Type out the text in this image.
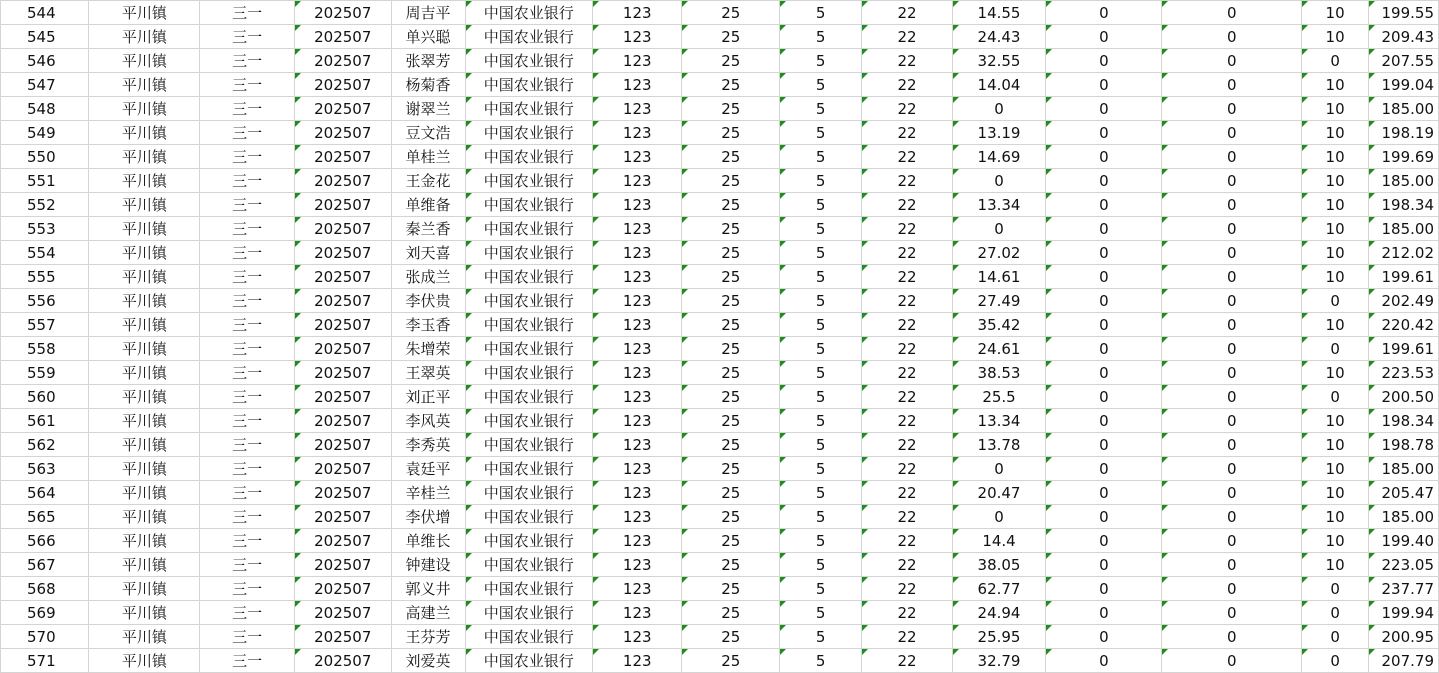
544	平川镇	三一	202507	周吉平	中国农业银行	123	25	5	22	14.55	0	0	10	199.55
545	平川镇	三一	202507	单兴聪	中国农业银行	123	25	5	22	24.43	0	0	10	209.43
546	平川镇	三一	202507	张翠芳	中国农业银行	123	25	5	22	32.55	0	0	0	207.55
547	平川镇	三一	202507	杨菊香	中国农业银行	123	25	5	22	14.04	0	0	10	199.04
548	平川镇	三一	202507	谢翠兰	中国农业银行	123	25	5	22	0	0	0	10	185.00
549	平川镇	三一	202507	豆文浩	中国农业银行	123	25	5	22	13.19	0	0	10	198.19
550	平川镇	三一	202507	单桂兰	中国农业银行	123	25	5	22	14.69	0	0	10	199.69
551	平川镇	三一	202507	王金花	中国农业银行	123	25	5	22	0	0	0	10	185.00
552	平川镇	三一	202507	单维备	中国农业银行	123	25	5	22	13.34	0	0	10	198.34
553	平川镇	三一	202507	秦兰香	中国农业银行	123	25	5	22	0	0	0	10	185.00
554	平川镇	三一	202507	刘天喜	中国农业银行	123	25	5	22	27.02	0	0	10	212.02
555	平川镇	三一	202507	张成兰	中国农业银行	123	25	5	22	14.61	0	0	10	199.61
556	平川镇	三一	202507	李伏贵	中国农业银行	123	25	5	22	27.49	0	0	0	202.49
557	平川镇	三一	202507	李玉香	中国农业银行	123	25	5	22	35.42	0	0	10	220.42
558	平川镇	三一	202507	朱增荣	中国农业银行	123	25	5	22	24.61	0	0	0	199.61
559	平川镇	三一	202507	王翠英	中国农业银行	123	25	5	22	38.53	0	0	10	223.53
560	平川镇	三一	202507	刘正平	中国农业银行	123	25	5	22	25.5	0	0	0	200.50
561	平川镇	三一	202507	李风英	中国农业银行	123	25	5	22	13.34	0	0	10	198.34
562	平川镇	三一	202507	李秀英	中国农业银行	123	25	5	22	13.78	0	0	10	198.78
563	平川镇	三一	202507	袁廷平	中国农业银行	123	25	5	22	0	0	0	10	185.00
564	平川镇	三一	202507	辛桂兰	中国农业银行	123	25	5	22	20.47	0	0	10	205.47
565	平川镇	三一	202507	李伏增	中国农业银行	123	25	5	22	0	0	0	10	185.00
566	平川镇	三一	202507	单维长	中国农业银行	123	25	5	22	14.4	0	0	10	199.40
567	平川镇	三一	202507	钟建设	中国农业银行	123	25	5	22	38.05	0	0	10	223.05
568	平川镇	三一	202507	郭义井	中国农业银行	123	25	5	22	62.77	0	0	0	237.77
569	平川镇	三一	202507	高建兰	中国农业银行	123	25	5	22	24.94	0	0	0	199.94
570	平川镇	三一	202507	王芬芳	中国农业银行	123	25	5	22	25.95	0	0	0	200.95
571	平川镇	三一	202507	刘爱英	中国农业银行	123	25	5	22	32.79	0	0	0	207.79
